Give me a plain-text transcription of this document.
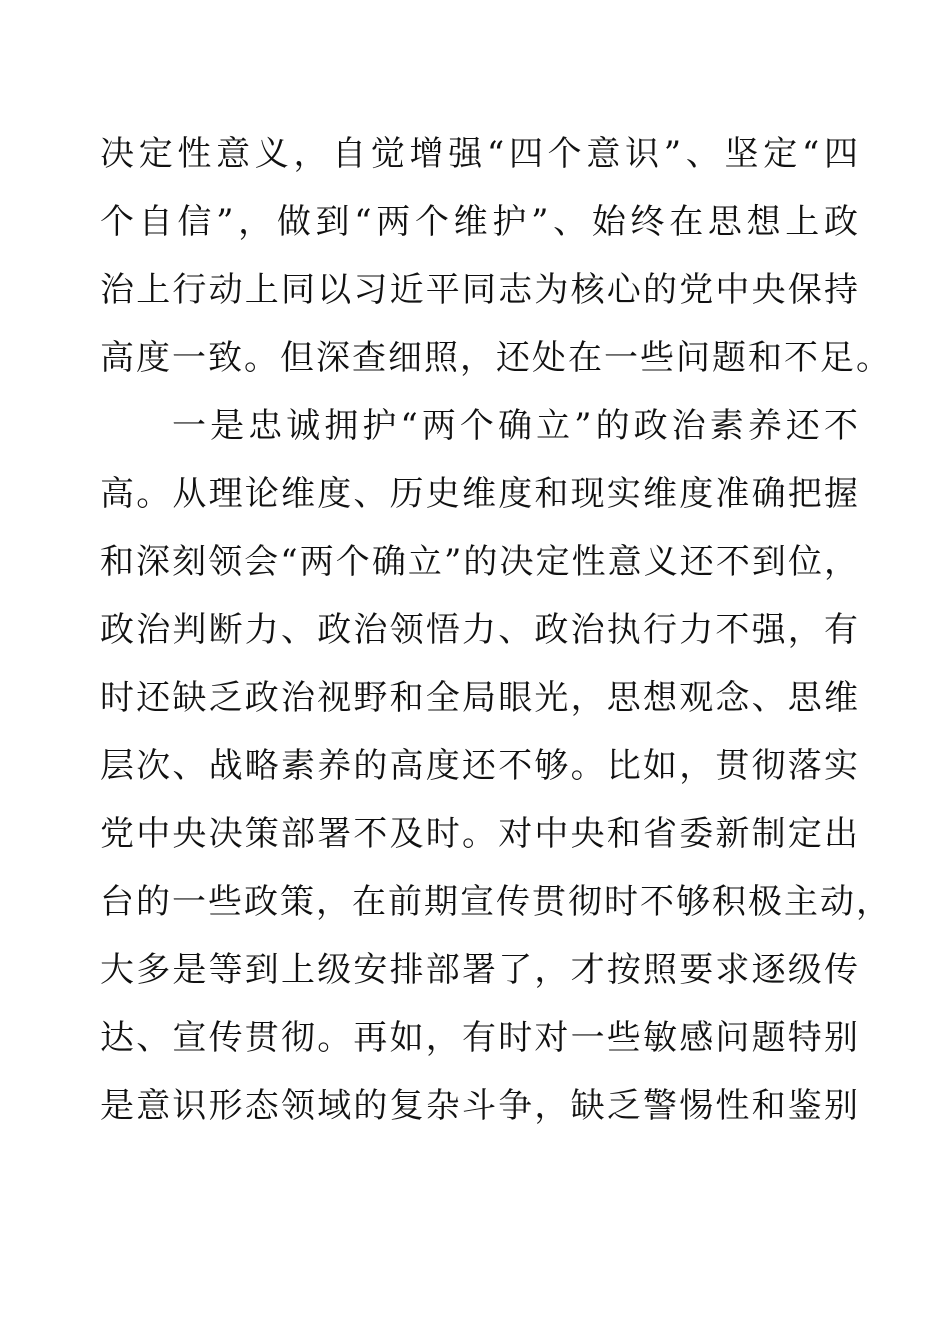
决定性意义，自觉增强“四个意识”、坚定“四
个自信”，做到“两个维护”、始终在思想上政
治上行动上同以习近平同志为核心的党中央保持
高度一致。但深查细照，还处在一些问题和不足。
一是忠诚拥护“两个确立”的政治素养还不
高。从理论维度、历史维度和现实维度准确把握
和深刻领会“两个确立”的决定性意义还不到位，
政治判断力、政治领悟力、政治执行力不强，有
时还缺乏政治视野和全局眼光，思想观念、思维
层次、战略素养的高度还不够。比如，贯彻落实
党中央决策部署不及时。对中央和省委新制定出
台的一些政策，在前期宣传贯彻时不够积极主动，
大多是等到上级安排部署了，才按照要求逐级传
达、宣传贯彻。再如，有时对一些敏感问题特别
是意识形态领域的复杂斗争，缺乏警惕性和鉴别
